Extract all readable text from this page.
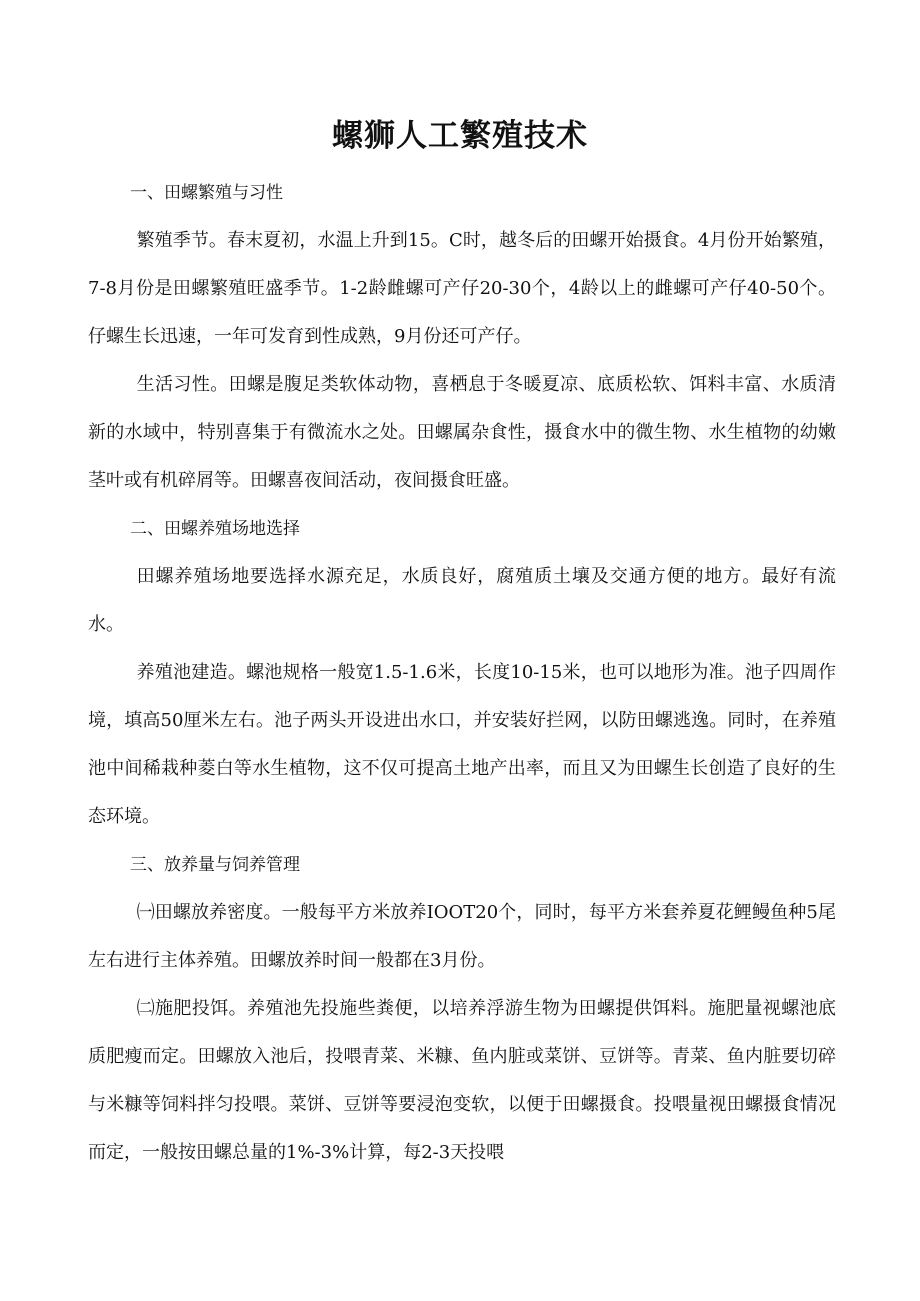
螺狮人工繁殖技术

一、田螺繁殖与习性

繁殖季节。春末夏初，水温上升到15。C时，越冬后的田螺开始摄食。4月份开始繁殖，7-8月份是田螺繁殖旺盛季节。1-2龄雌螺可产仔20-30个，4龄以上的雌螺可产仔40-50个。仔螺生长迅速，一年可发育到性成熟，9月份还可产仔。

生活习性。田螺是腹足类软体动物，喜栖息于冬暖夏凉、底质松软、饵料丰富、水质清新的水域中，特别喜集于有微流水之处。田螺属杂食性，摄食水中的微生物、水生植物的幼嫩茎叶或有机碎屑等。田螺喜夜间活动，夜间摄食旺盛。

二、田螺养殖场地选择

田螺养殖场地要选择水源充足，水质良好，腐殖质土壤及交通方便的地方。最好有流水。

养殖池建造。螺池规格一般宽1.5-1.6米，长度10-15米，也可以地形为准。池子四周作境，填高50厘米左右。池子两头开设进出水口，并安装好拦网，以防田螺逃逸。同时，在养殖池中间稀栽种菱白等水生植物，这不仅可提高土地产出率，而且又为田螺生长创造了良好的生态环境。

三、放养量与饲养管理

㈠田螺放养密度。一般每平方米放养IOOT20个，同时，每平方米套养夏花鲤鳗鱼种5尾左右进行主体养殖。田螺放养时间一般都在3月份。

㈡施肥投饵。养殖池先投施些粪便，以培养浮游生物为田螺提供饵料。施肥量视螺池底质肥瘦而定。田螺放入池后，投喂青菜、米糠、鱼内脏或菜饼、豆饼等。青菜、鱼内脏要切碎与米糠等饲料拌匀投喂。菜饼、豆饼等要浸泡变软，以便于田螺摄食。投喂量视田螺摄食情况而定，一般按田螺总量的1%-3%计算，每2-3天投喂
